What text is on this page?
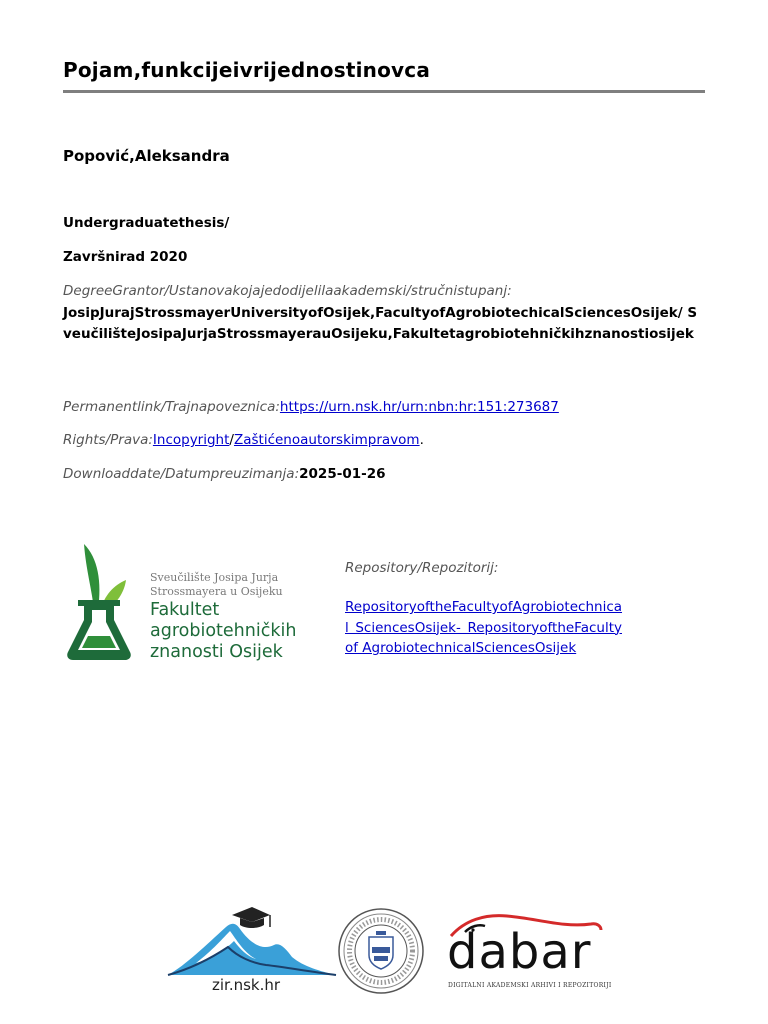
Pojam,funkcijeivrijednostinovca
Popović,Aleksandra
Undergraduatethesis/
Završnirad 2020
DegreeGrantor/Ustanovakojajedodijelilaakademski/stručnistupanj:
JosipJurajStrossmayerUniversityofOsijek,FacultyofAgrobiotechicalSciencesOsijek/ SveučilišteJosipaJurjaStrossmayerauOsijeku,Fakultetagrobiotehničkihznanostiosijek
Permanentlink/Trajnapoveznica:https://urn.nsk.hr/urn:nbn:hr:151:273687
Rights/Prava:Incopyright/Zaštićenoautorskimpravom.
Downloaddate/Datumpreuzimanja:2025-01-26
Sveučilište Josipa Jurja
Strossmayera u Osijeku
Fakultet
agrobiotehničkih
znanosti Osijek
Repository/Repozitorij:
RepositoryoftheFacultyofAgrobiotechnical SciencesOsijek- RepositoryoftheFacultyof AgrobiotechnicalSciencesOsijek
zir.nsk.hr
dabar
DIGITALNI AKADEMSKI ARHIVI I REPOZITORIJI
